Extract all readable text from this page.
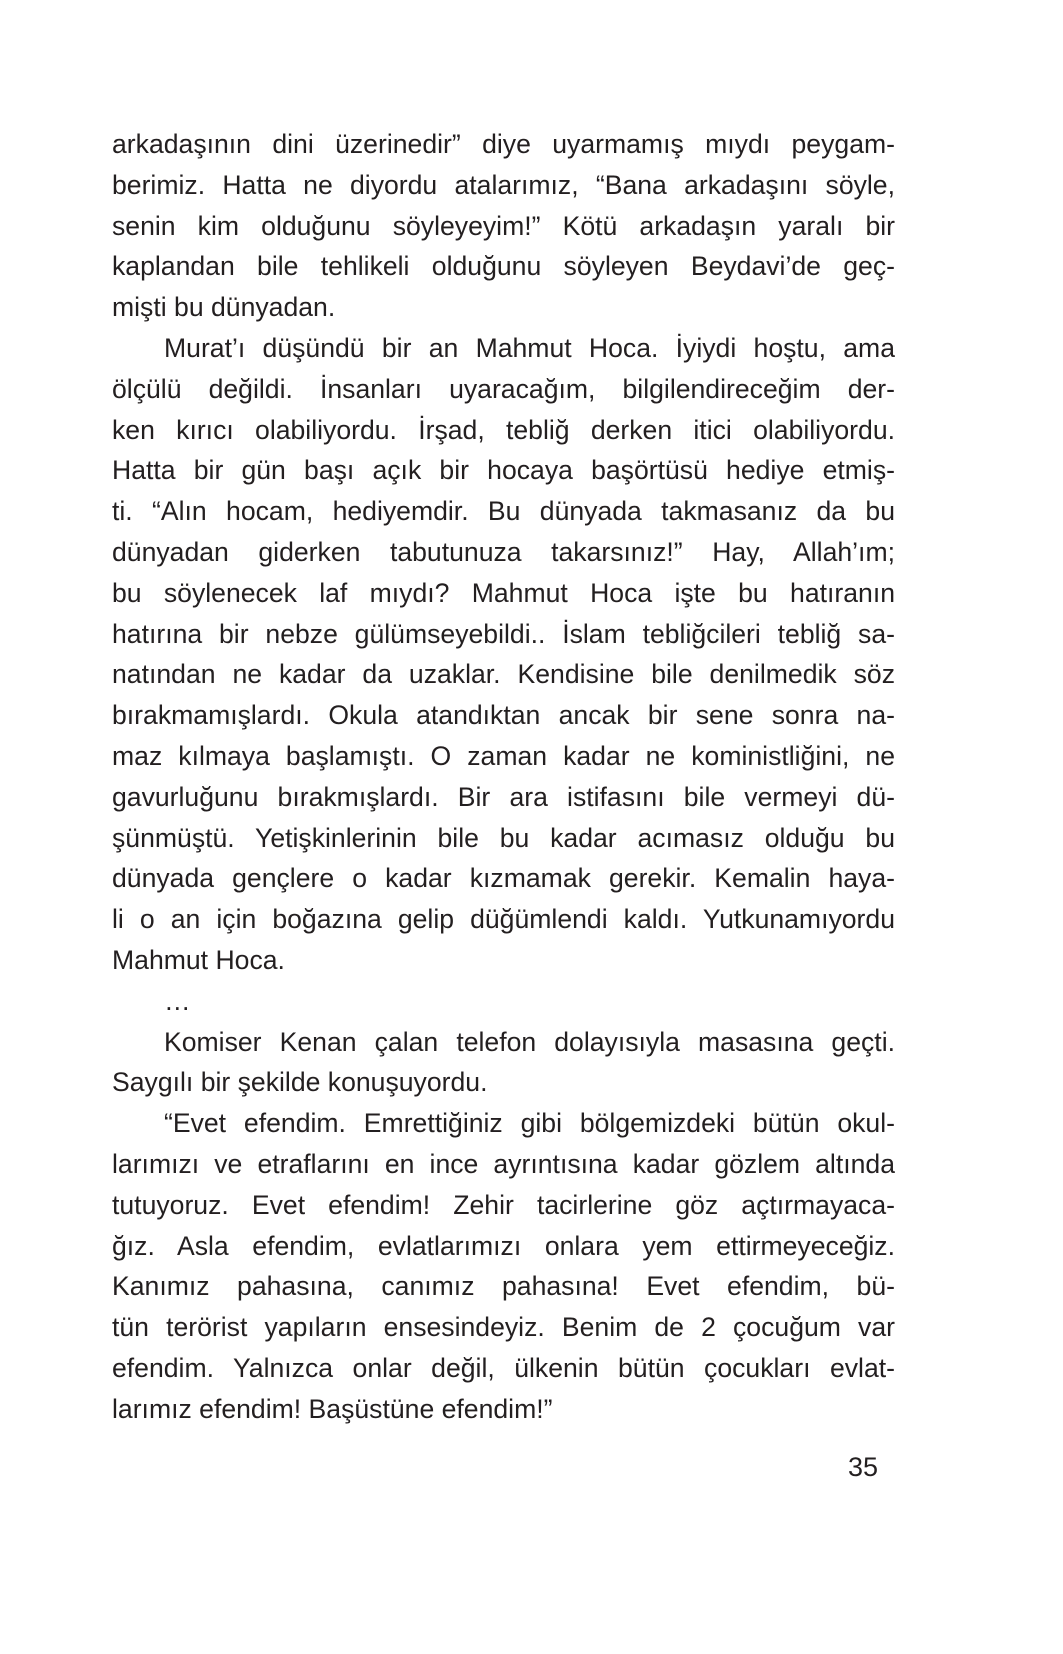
arkadaşının dini üzerinedir” diye uyarmamış mıydı peygam-
berimiz. Hatta ne diyordu atalarımız, “Bana arkadaşını söyle,
senin kim olduğunu söyleyeyim!” Kötü arkadaşın yaralı bir
kaplandan bile tehlikeli olduğunu söyleyen Beydavi’de geç-
mişti bu dünyadan.
Murat’ı düşündü bir an Mahmut Hoca. İyiydi hoştu, ama
ölçülü değildi. İnsanları uyaracağım, bilgilendireceğim der-
ken kırıcı olabiliyordu. İrşad, tebliğ derken itici olabiliyordu.
Hatta bir gün başı açık bir hocaya başörtüsü hediye etmiş-
ti. “Alın hocam, hediyemdir. Bu dünyada takmasanız da bu
dünyadan giderken tabutunuza takarsınız!” Hay, Allah’ım;
bu söylenecek laf mıydı? Mahmut Hoca işte bu hatıranın
hatırına bir nebze gülümseyebildi.. İslam tebliğcileri tebliğ sa-
natından ne kadar da uzaklar. Kendisine bile denilmedik söz
bırakmamışlardı. Okula atandıktan ancak bir sene sonra na-
maz kılmaya başlamıştı. O zaman kadar ne koministliğini, ne
gavurluğunu bırakmışlardı. Bir ara istifasını bile vermeyi dü-
şünmüştü. Yetişkinlerinin bile bu kadar acımasız olduğu bu
dünyada gençlere o kadar kızmamak gerekir. Kemalin haya-
li o an için boğazına gelip düğümlendi kaldı. Yutkunamıyordu
Mahmut Hoca.
…
Komiser Kenan çalan telefon dolayısıyla masasına geçti.
Saygılı bir şekilde konuşuyordu.
“Evet efendim. Emrettiğiniz gibi bölgemizdeki bütün okul-
larımızı ve etraflarını en ince ayrıntısına kadar gözlem altında
tutuyoruz. Evet efendim! Zehir tacirlerine göz açtırmayaca-
ğız. Asla efendim, evlatlarımızı onlara yem ettirmeyeceğiz.
Kanımız pahasına, canımız pahasına! Evet efendim, bü-
tün terörist yapıların ensesindeyiz. Benim de 2 çocuğum var
efendim. Yalnızca onlar değil, ülkenin bütün çocukları evlat-
larımız efendim! Başüstüne efendim!”
35
